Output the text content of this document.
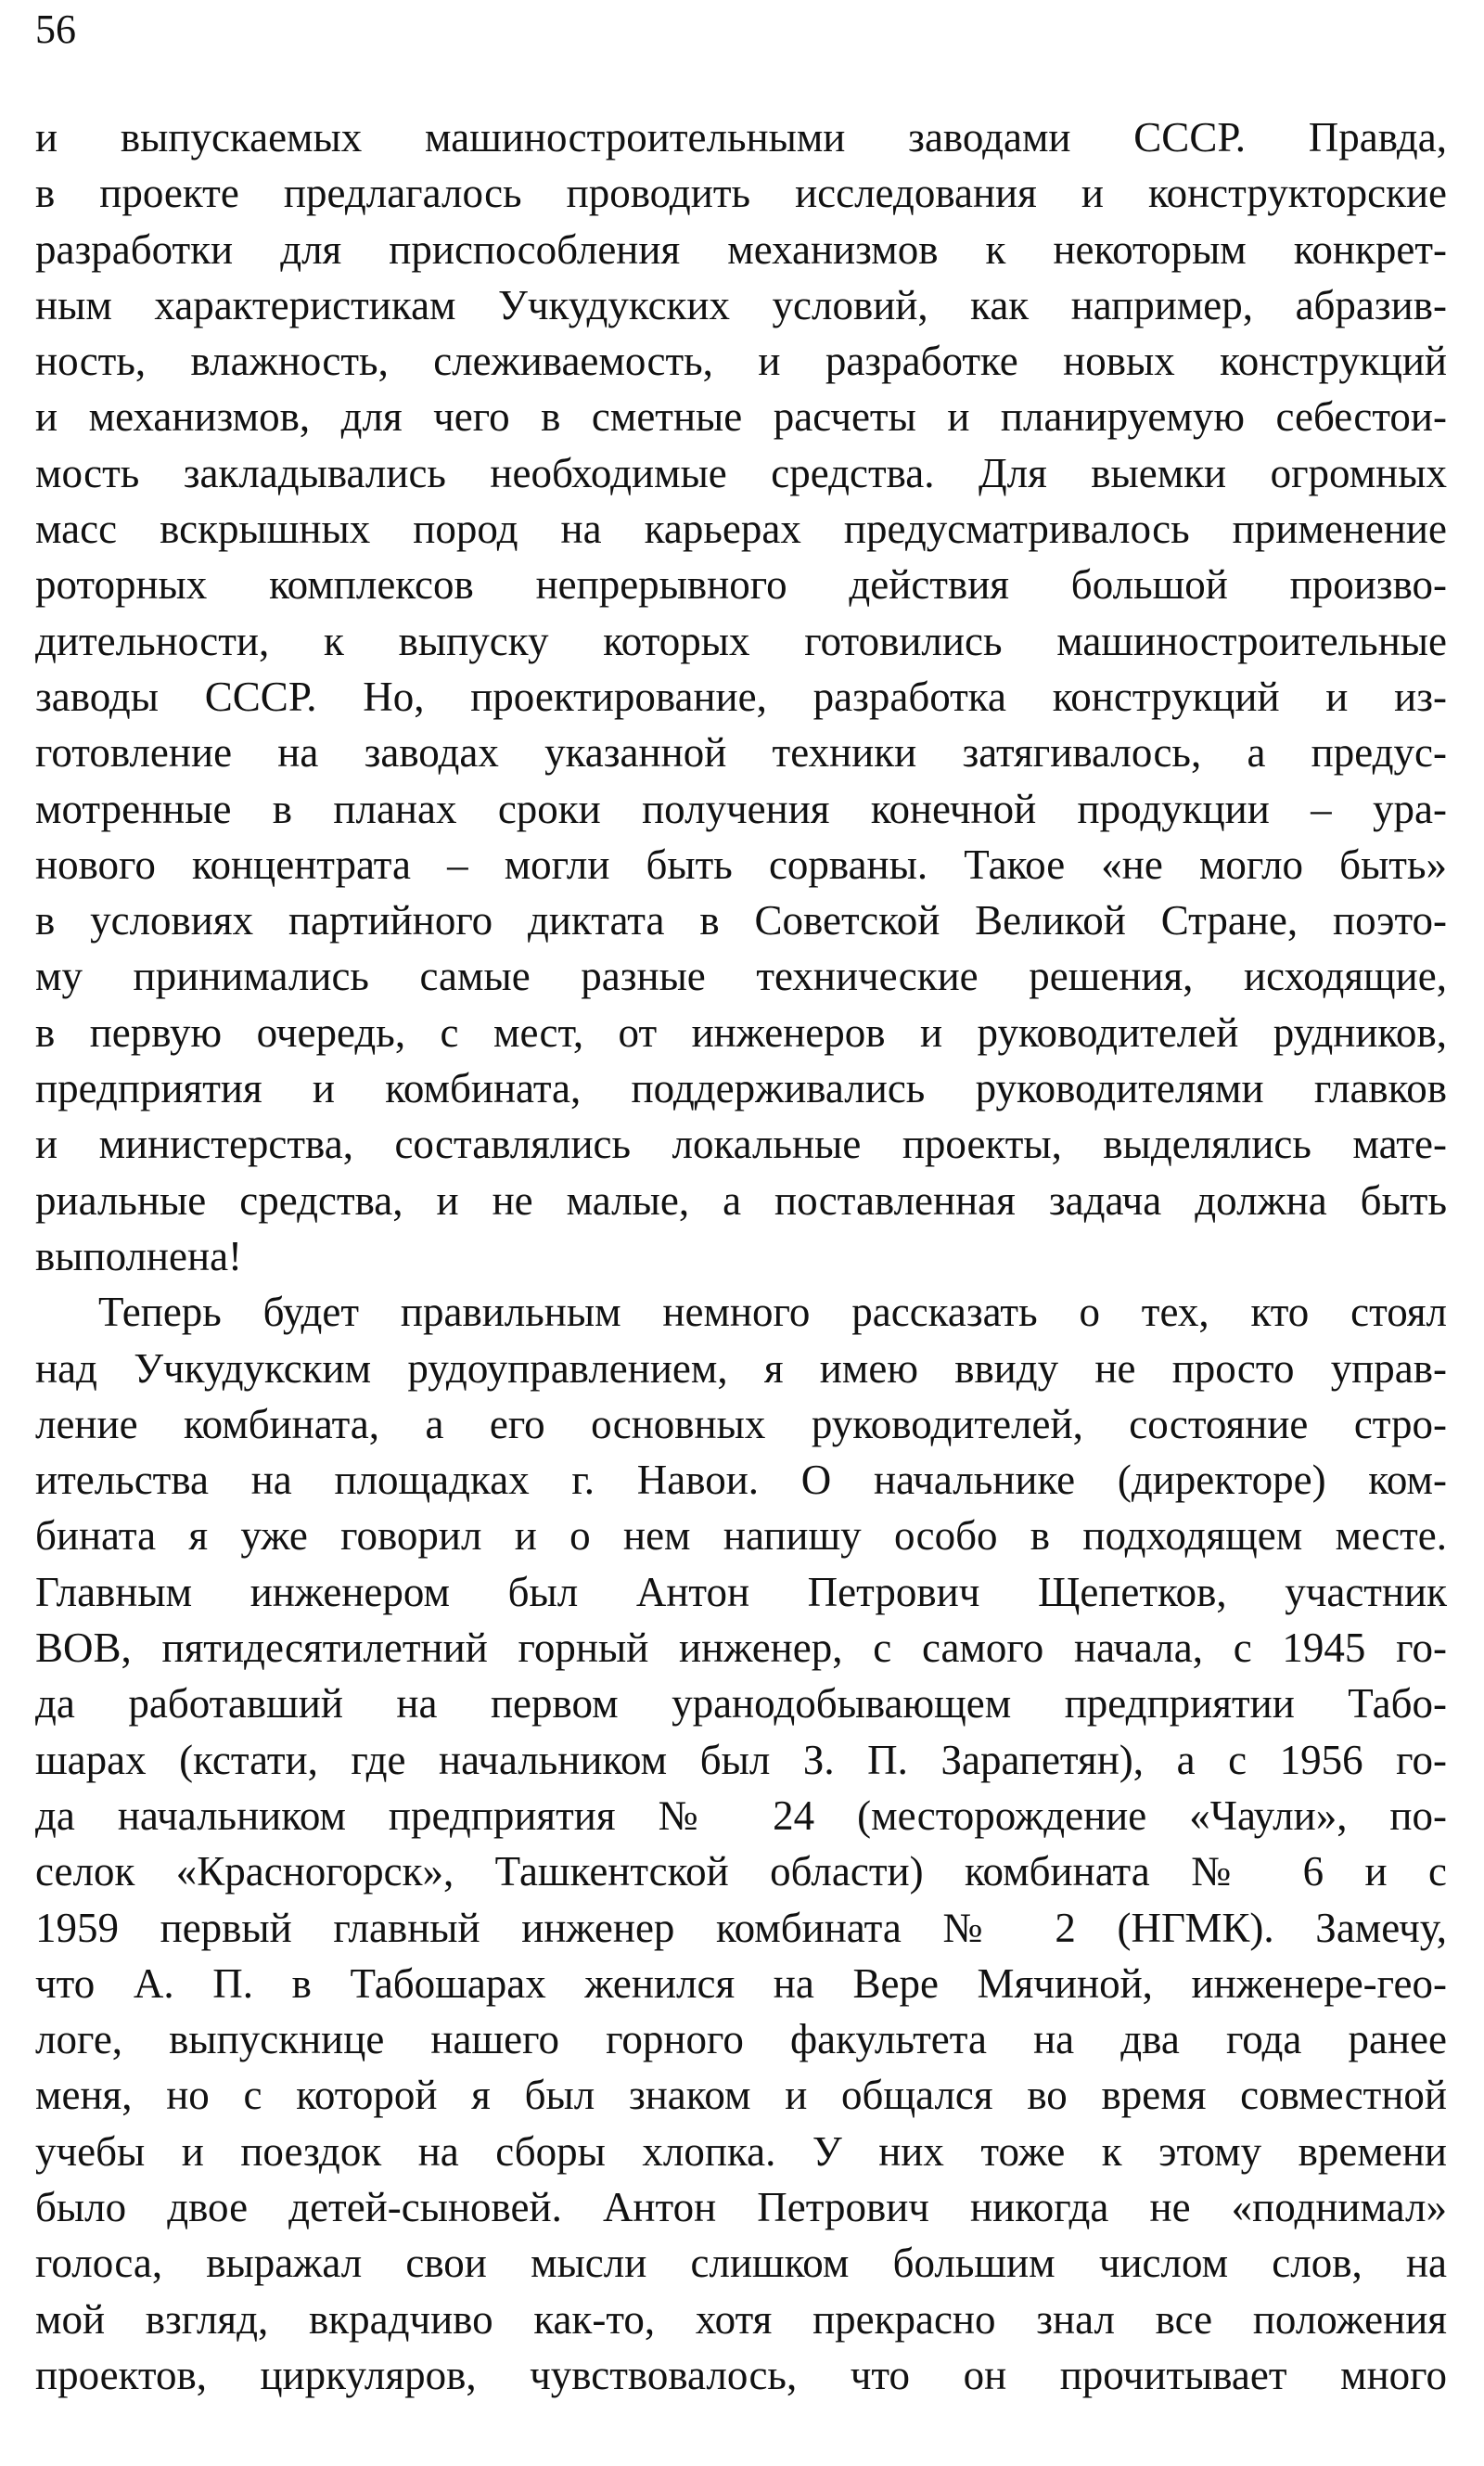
56
и выпускаемых машиностроительными заводами СССР. Правда,
в проекте предлагалось проводить исследования и конструкторские
разработки для приспособления механизмов к некоторым конкрет-
ным характеристикам Учкудукских условий, как например, абразив-
ность, влажность, слеживаемость, и разработке новых конструкций
и механизмов, для чего в сметные расчеты и планируемую себестои-
мость закладывались необходимые средства. Для выемки огромных
масс вскрышных пород на карьерах предусматривалось применение
роторных комплексов непрерывного действия большой произво-
дительности, к выпуску которых готовились машиностроительные
заводы СССР. Но, проектирование, разработка конструкций и из-
готовление на заводах указанной техники затягивалось, а предус-
мотренные в планах сроки получения конечной продукции – ура-
нового концентрата – могли быть сорваны. Такое «не могло быть»
в условиях партийного диктата в Советской Великой Стране, поэто-
му принимались самые разные технические решения, исходящие,
в первую очередь, с мест, от инженеров и руководителей рудников,
предприятия и комбината, поддерживались руководителями главков
и министерства, составлялись локальные проекты, выделялись мате-
риальные средства, и не малые, а поставленная задача должна быть
выполнена!
Теперь будет правильным немного рассказать о тех, кто стоял
над Учкудукским рудоуправлением, я имею ввиду не просто управ-
ление комбината, а его основных руководителей, состояние стро-
ительства на площадках г. Навои. О начальнике (директоре) ком-
бината я уже говорил и о нем напишу особо в подходящем месте.
Главным инженером был Антон Петрович Щепетков, участник
ВОВ, пятидесятилетний горный инженер, с самого начала, с 1945 го-
да работавший на первом уранодобывающем предприятии Табо-
шарах (кстати, где начальником был З. П. Зарапетян), а с 1956 го-
да начальником предприятия № 24 (месторождение «Чаули», по-
селок «Красногорск», Ташкентской области) комбината № 6 и с
1959 первый главный инженер комбината № 2 (НГМК). Замечу,
что А. П. в Табошарах женился на Вере Мячиной, инженере-гео-
логе, выпускнице нашего горного факультета на два года ранее
меня, но с которой я был знаком и общался во время совместной
учебы и поездок на сборы хлопка. У них тоже к этому времени
было двое детей-сыновей. Антон Петрович никогда не «поднимал»
голоса, выражал свои мысли слишком большим числом слов, на
мой взгляд, вкрадчиво как-то, хотя прекрасно знал все положения
проектов, циркуляров, чувствовалось, что он прочитывает много
